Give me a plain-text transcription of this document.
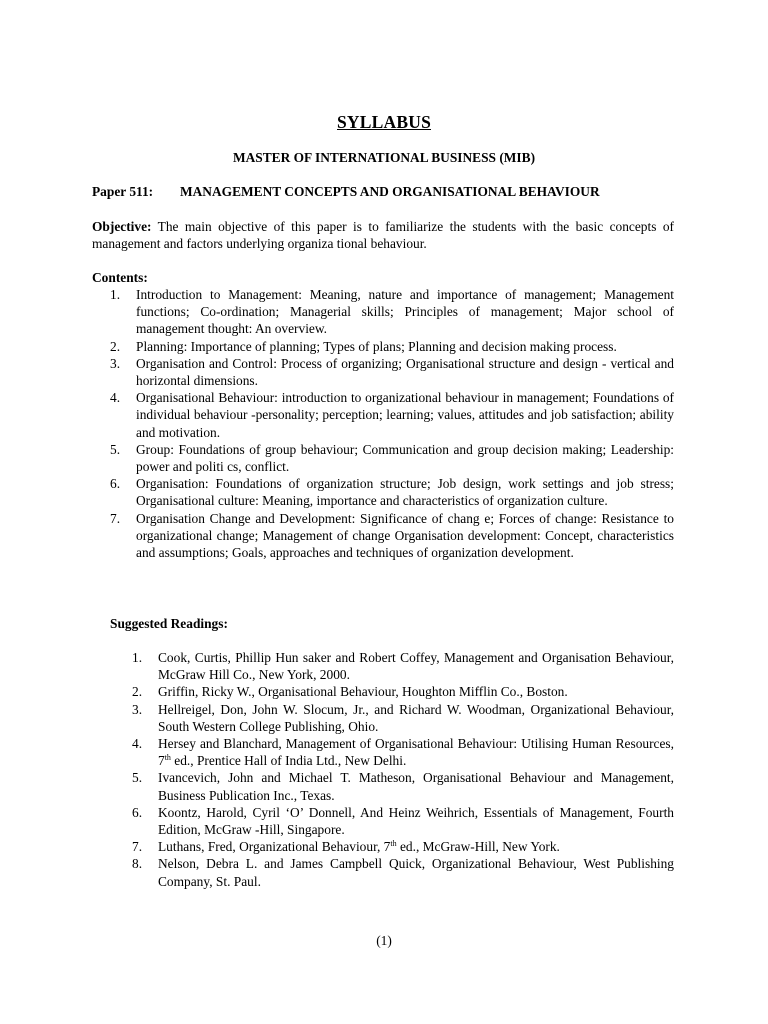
SYLLABUS
MASTER OF INTERNATIONAL BUSINESS (MIB)
Paper 511: MANAGEMENT CONCEPTS AND ORGANISATIONAL BEHAVIOUR
Objective: The main objective of this paper is to familiarize the students with the basic concepts of management and factors underlying organiza tional behaviour.
Contents:
1. Introduction to Management: Meaning, nature and importance of management; Management functions; Co-ordination; Managerial skills; Principles of management; Major school of management thought: An overview.
2. Planning: Importance of planning; Types of plans; Planning and decision making process.
3. Organisation and Control: Process of organizing; Organisational structure and design - vertical and horizontal dimensions.
4. Organisational Behaviour: introduction to organizational behaviour in management; Foundations of individual behaviour -personality; perception; learning; values, attitudes and job satisfaction; ability and motivation.
5. Group: Foundations of group behaviour; Communication and group decision making; Leadership: power and politi cs, conflict.
6. Organisation: Foundations of organization structure; Job design, work settings and job stress; Organisational culture: Meaning, importance and characteristics of organization culture.
7. Organisation Change and Development: Significance of chang e; Forces of change: Resistance to organizational change; Management of change Organisation development: Concept, characteristics and assumptions; Goals, approaches and techniques of organization development.
Suggested Readings:
1. Cook, Curtis, Phillip Hun saker and Robert Coffey, Management and Organisation Behaviour, McGraw Hill Co., New York, 2000.
2. Griffin, Ricky W., Organisational Behaviour, Houghton Mifflin Co., Boston.
3. Hellreigel, Don, John W. Slocum, Jr., and Richard W. Woodman, Organizational Behaviour, South Western College Publishing, Ohio.
4. Hersey and Blanchard, Management of Organisational Behaviour: Utilising Human Resources, 7th ed., Prentice Hall of India Ltd., New Delhi.
5. Ivancevich, John and Michael T. Matheson, Organisational Behaviour and Management, Business Publication Inc., Texas.
6. Koontz, Harold, Cyril ‘O’ Donnell, And Heinz Weihrich, Essentials of Management, Fourth Edition, McGraw -Hill, Singapore.
7. Luthans, Fred, Organizational Behaviour, 7th ed., McGraw-Hill, New York.
8. Nelson, Debra L. and James Campbell Quick, Organizational Behaviour, West Publishing Company, St. Paul.
(1)
